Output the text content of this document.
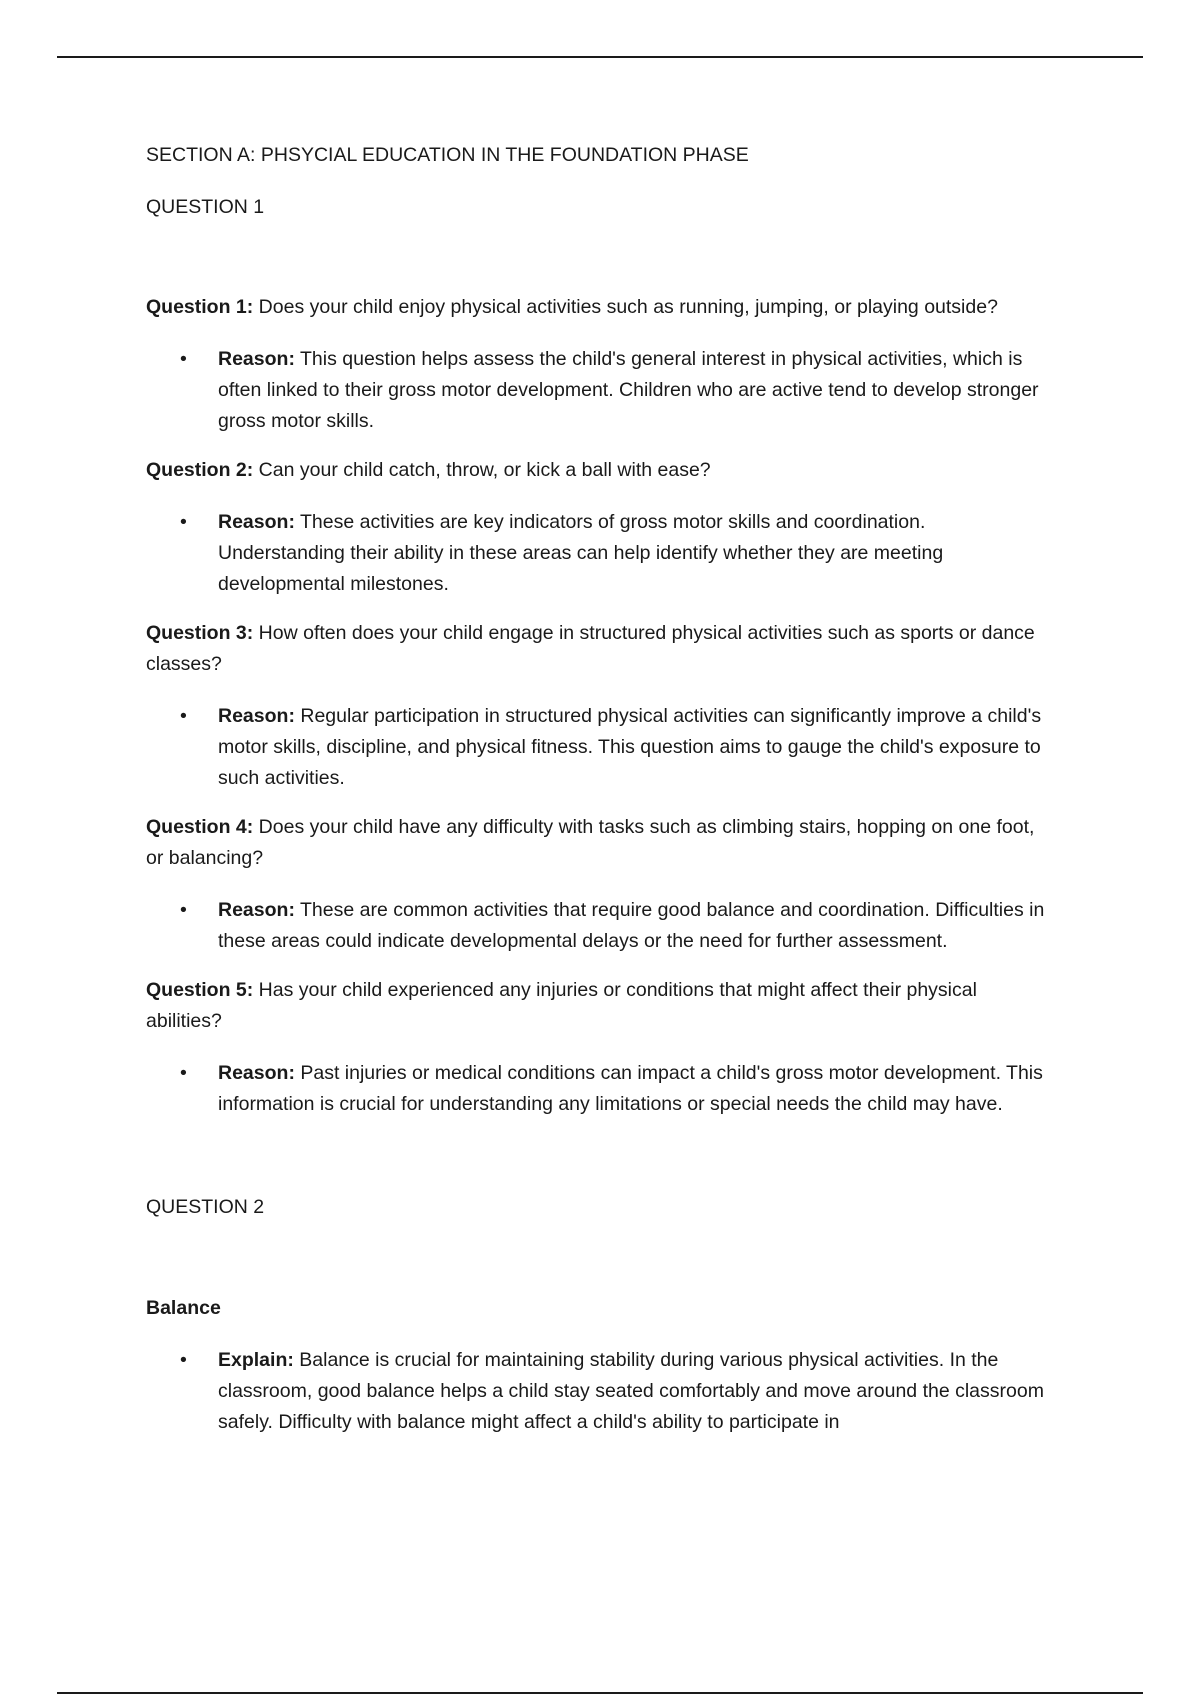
SECTION A: PHSYCIAL EDUCATION IN THE FOUNDATION PHASE

QUESTION 1

Question 1: Does your child enjoy physical activities such as running, jumping, or playing outside?

• Reason: This question helps assess the child's general interest in physical activities, which is often linked to their gross motor development. Children who are active tend to develop stronger gross motor skills.

Question 2: Can your child catch, throw, or kick a ball with ease?

• Reason: These activities are key indicators of gross motor skills and coordination. Understanding their ability in these areas can help identify whether they are meeting developmental milestones.

Question 3: How often does your child engage in structured physical activities such as sports or dance classes?

• Reason: Regular participation in structured physical activities can significantly improve a child's motor skills, discipline, and physical fitness. This question aims to gauge the child's exposure to such activities.

Question 4: Does your child have any difficulty with tasks such as climbing stairs, hopping on one foot, or balancing?

• Reason: These are common activities that require good balance and coordination. Difficulties in these areas could indicate developmental delays or the need for further assessment.

Question 5: Has your child experienced any injuries or conditions that might affect their physical abilities?

• Reason: Past injuries or medical conditions can impact a child's gross motor development. This information is crucial for understanding any limitations or special needs the child may have.

QUESTION 2

Balance

• Explain: Balance is crucial for maintaining stability during various physical activities. In the classroom, good balance helps a child stay seated comfortably and move around the classroom safely. Difficulty with balance might affect a child's ability to participate in
